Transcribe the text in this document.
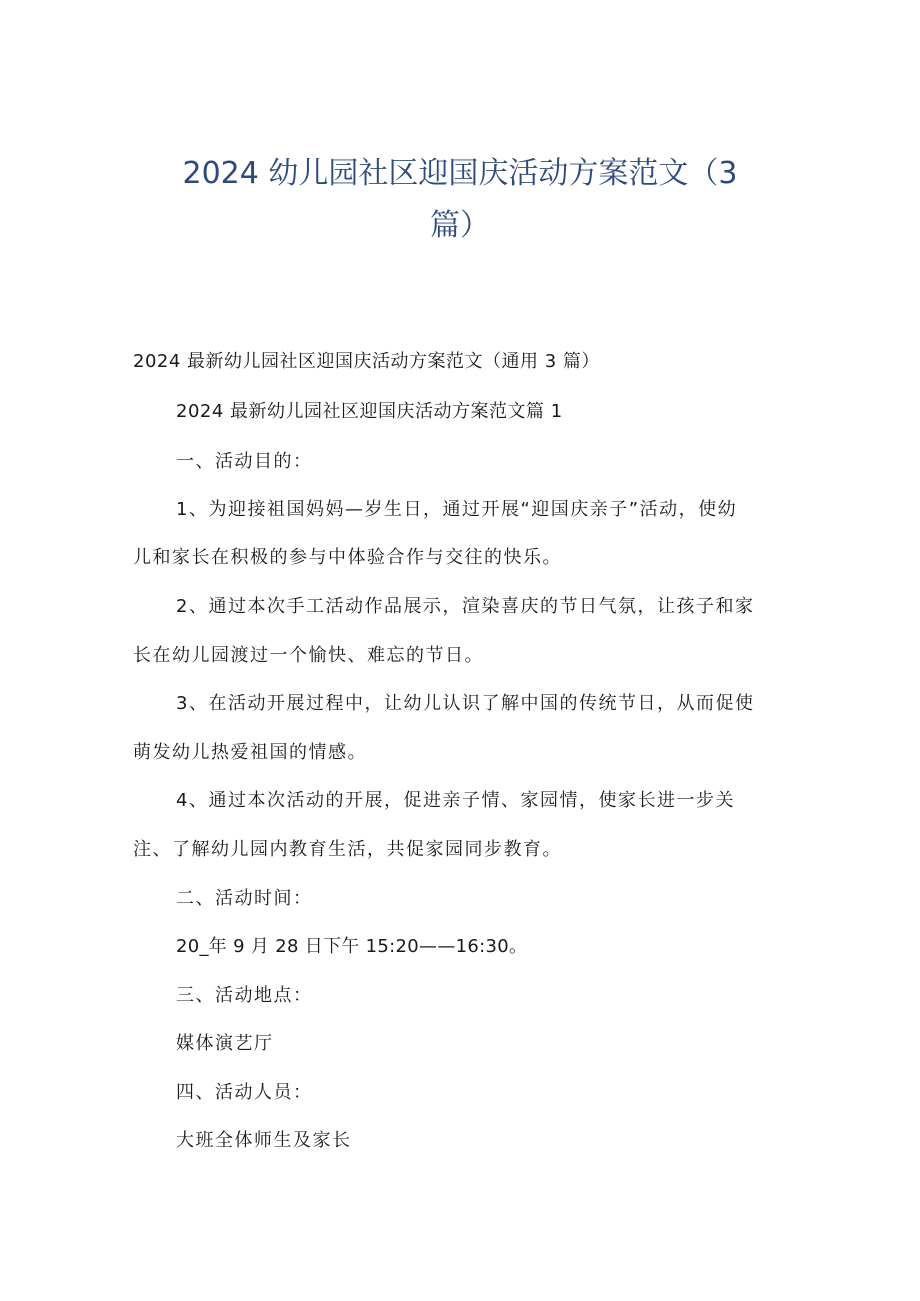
2024 幼儿园社区迎国庆活动方案范文（3
篇）

2024 最新幼儿园社区迎国庆活动方案范文（通用 3 篇）

2024 最新幼儿园社区迎国庆活动方案范文篇 1

一、活动目的：

1、为迎接祖国妈妈—岁生日，通过开展“迎国庆亲子”活动，使幼

儿和家长在积极的参与中体验合作与交往的快乐。

2、通过本次手工活动作品展示，渲染喜庆的节日气氛，让孩子和家

长在幼儿园渡过一个愉快、难忘的节日。

3、在活动开展过程中，让幼儿认识了解中国的传统节日，从而促使

萌发幼儿热爱祖国的情感。

4、通过本次活动的开展，促进亲子情、家园情，使家长进一步关

注、了解幼儿园内教育生活，共促家园同步教育。

二、活动时间：

20_年 9 月 28 日下午 15:20——16:30。

三、活动地点：

媒体演艺厅

四、活动人员：

大班全体师生及家长
